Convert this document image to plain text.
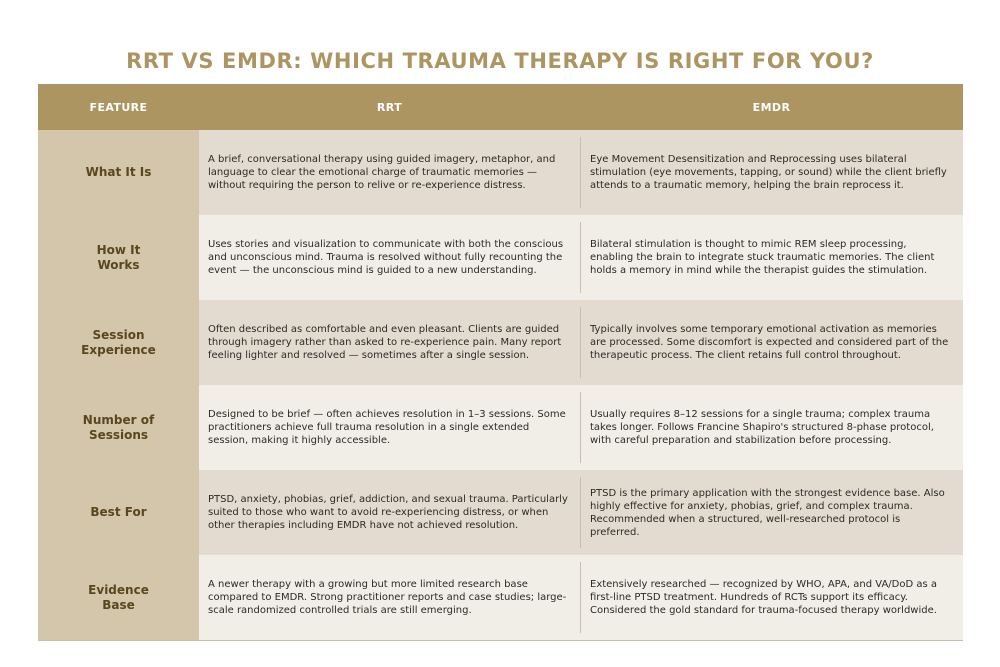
RRT VS EMDR: WHICH TRAUMA THERAPY IS RIGHT FOR YOU?
FEATURE	RRT	EMDR
What It Is
A brief, conversational therapy using guided imagery, metaphor, and language to clear the emotional charge of traumatic memories — without requiring the person to relive or re-experience distress.
Eye Movement Desensitization and Reprocessing uses bilateral stimulation (eye movements, tapping, or sound) while the client briefly attends to a traumatic memory, helping the brain reprocess it.
How It Works
Uses stories and visualization to communicate with both the conscious and unconscious mind. Trauma is resolved without fully recounting the event — the unconscious mind is guided to a new understanding.
Bilateral stimulation is thought to mimic REM sleep processing, enabling the brain to integrate stuck traumatic memories. The client holds a memory in mind while the therapist guides the stimulation.
Session Experience
Often described as comfortable and even pleasant. Clients are guided through imagery rather than asked to re-experience pain. Many report feeling lighter and resolved — sometimes after a single session.
Typically involves some temporary emotional activation as memories are processed. Some discomfort is expected and considered part of the therapeutic process. The client retains full control throughout.
Number of Sessions
Designed to be brief — often achieves resolution in 1–3 sessions. Some practitioners achieve full trauma resolution in a single extended session, making it highly accessible.
Usually requires 8–12 sessions for a single trauma; complex trauma takes longer. Follows Francine Shapiro's structured 8-phase protocol, with careful preparation and stabilization before processing.
Best For
PTSD, anxiety, phobias, grief, addiction, and sexual trauma. Particularly suited to those who want to avoid re-experiencing distress, or when other therapies including EMDR have not achieved resolution.
PTSD is the primary application with the strongest evidence base. Also highly effective for anxiety, phobias, grief, and complex trauma. Recommended when a structured, well-researched protocol is preferred.
Evidence Base
A newer therapy with a growing but more limited research base compared to EMDR. Strong practitioner reports and case studies; large-scale randomized controlled trials are still emerging.
Extensively researched — recognized by WHO, APA, and VA/DoD as a first-line PTSD treatment. Hundreds of RCTs support its efficacy. Considered the gold standard for trauma-focused therapy worldwide.
